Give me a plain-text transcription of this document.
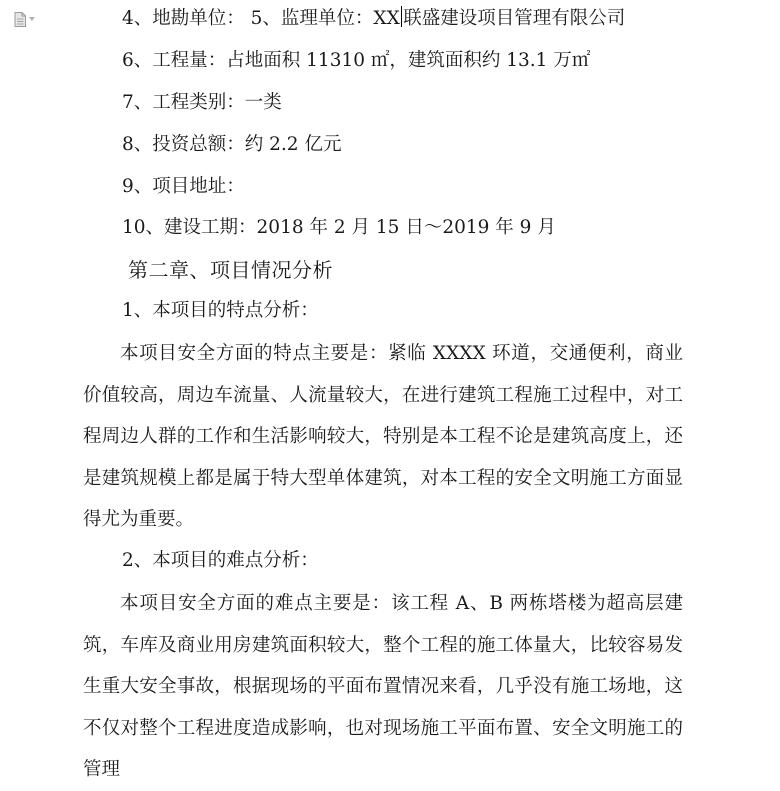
4、地勘单位： 5、监理单位：XX 联盛建设项目管理有限公司
6、工程量：占地面积 11310 ㎡，建筑面积约 13.1 万㎡
7、工程类别：一类
8、投资总额：约 2.2 亿元
9、项目地址：
10、建设工期：2018 年 2 月 15 日～2019 年 9 月
第二章、项目情况分析
1、本项目的特点分析：

本项目安全方面的特点主要是：紧临 XXXX 环道，交通便利，商业价值较高，周边车流量、人流量较大，在进行建筑工程施工过程中，对工程周边人群的工作和生活影响较大，特别是本工程不论是建筑高度上，还是建筑规模上都是属于特大型单体建筑，对本工程的安全文明施工方面显得尤为重要。

2、本项目的难点分析：

本项目安全方面的难点主要是：该工程 A、B 两栋塔楼为超高层建筑，车库及商业用房建筑面积较大，整个工程的施工体量大，比较容易发生重大安全事故，根据现场的平面布置情况来看，几乎没有施工场地，这不仅对整个工程进度造成影响，也对现场施工平面布置、安全文明施工的管理
